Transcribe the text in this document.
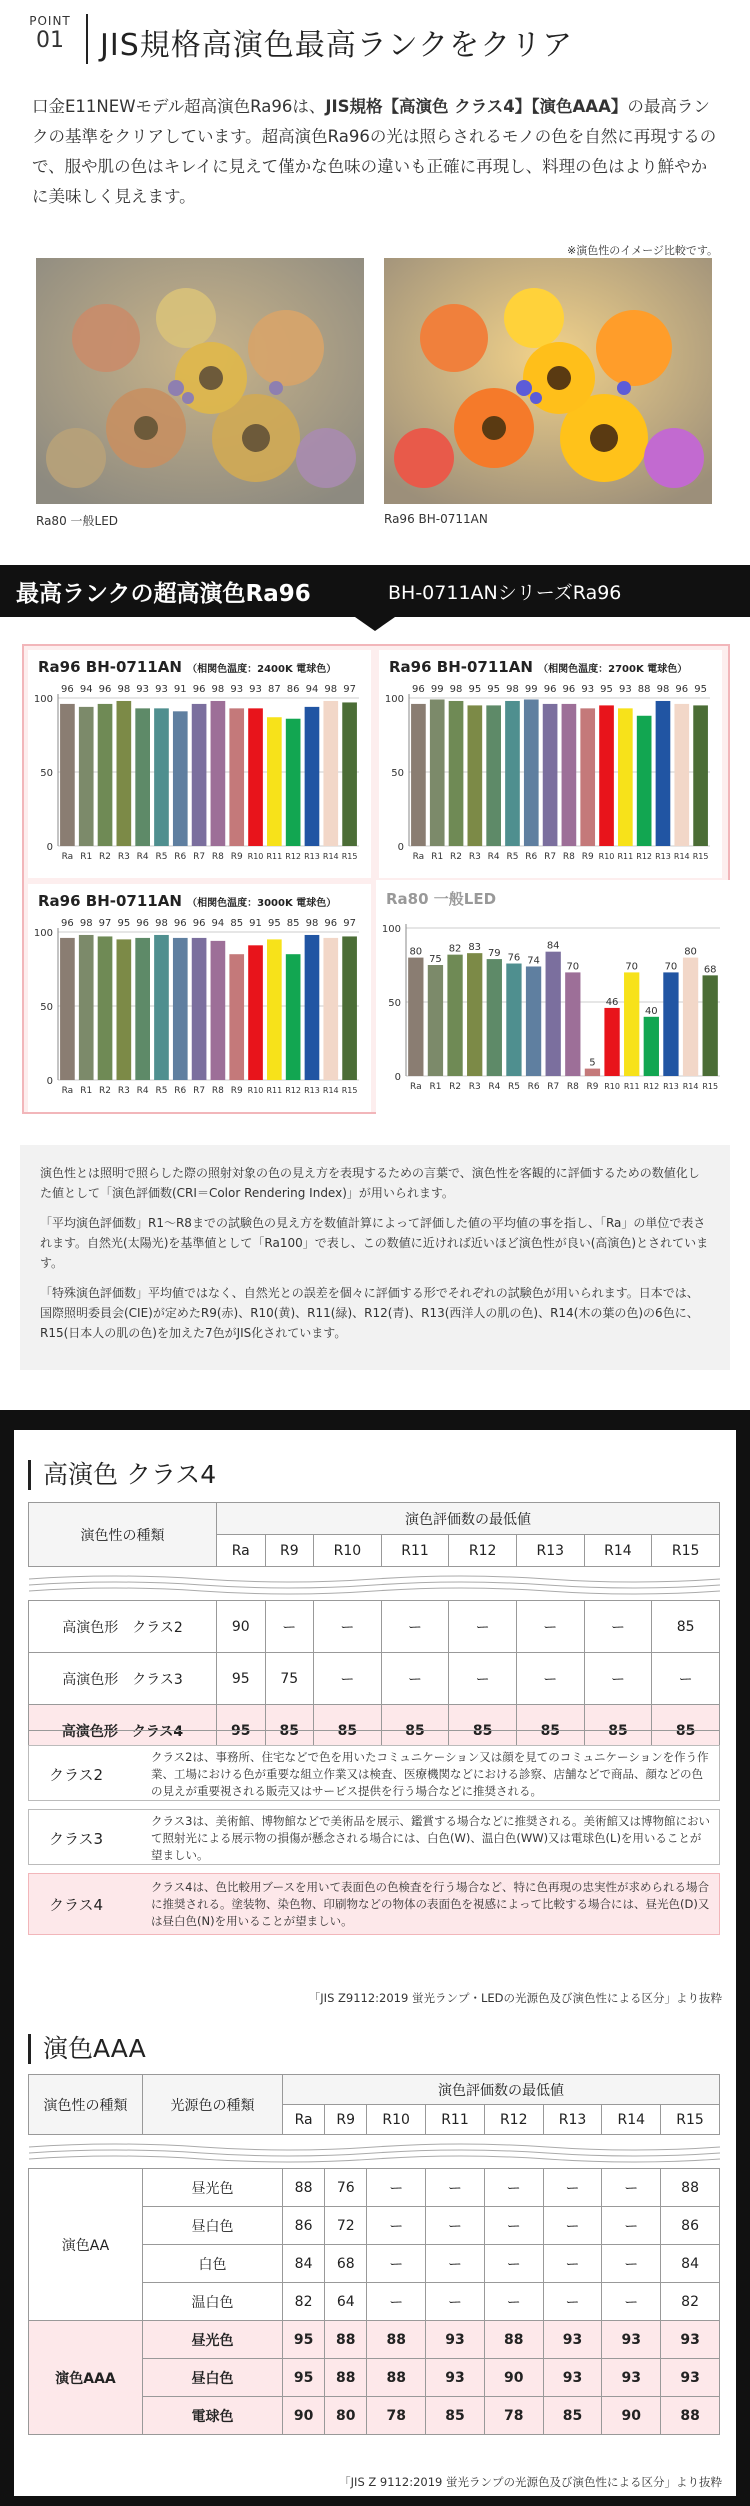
POINT
01	JIS規格高演色最高ランクをクリア

口金E11NEWモデル超高演色Ra96は、JIS規格【高演色 クラス4】【演色AAA】の最高ランクの基準をクリアしています。超高演色Ra96の光は照らされるモノの色を自然に再現するので、服や肌の色はキレイに見えて僅かな色味の違いも正確に再現し、料理の色はより鮮やかに美味しく見えます。

※演色性のイメージ比較です。
Ra80 一般LED	Ra96 BH-0711AN
最高ランクの超高演色Ra96	BH-0711ANシリーズRa96
Ra96 BH-0711AN （相関色温度：2400K 電球色）
0
50
100
96
Ra
94
R1
96
R2
98
R3
93
R4
93
R5
91
R6
96
R7
98
R8
93
R9
93
R10
87
R11
86
R12
94
R13
98
R14
97
R15
Ra96 BH-0711AN （相関色温度：2700K 電球色）
0
50
100
96
Ra
99
R1
98
R2
95
R3
95
R4
98
R5
99
R6
96
R7
96
R8
93
R9
95
R10
93
R11
88
R12
98
R13
96
R14
95
R15
Ra96 BH-0711AN （相関色温度：3000K 電球色）
0
50
100
96
Ra
98
R1
97
R2
95
R3
96
R4
98
R5
96
R6
96
R7
94
R8
85
R9
91
R10
95
R11
85
R12
98
R13
96
R14
97
R15
Ra80 一般LED
0
50
100
80
Ra
75
R1
82
R2
83
R3
79
R4
76
R5
74
R6
84
R7
70
R8
5
R9
46
R10
70
R11
40
R12
70
R13
80
R14
68
R15

演色性とは照明で照らした際の照射対象の色の見え方を表現するための言葉で、演色性を客観的に評価するための数値化した値として「演色評価数(CRI＝Color Rendering Index)」が用いられます。

「平均演色評価数」R1～R8までの試験色の見え方を数値計算によって評価した値の平均値の事を指し、「Ra」の単位で表されます。自然光(太陽光)を基準値として「Ra100」で表し、この数値に近ければ近いほど演色性が良い(高演色)とされています。

「特殊演色評価数」平均値ではなく、自然光との誤差を個々に評価する形でそれぞれの試験色が用いられます。日本では、国際照明委員会(CIE)が定めたR9(赤)、R10(黄)、R11(緑)、R12(青)、R13(西洋人の肌の色)、R14(木の葉の色)の6色に、R15(日本人の肌の色)を加えた7色がJIS化されています。

高演色 クラス4
演色性の種類	演色評価数の最低値							
	Ra	R9	R10	R11	R12	R13	R14	R15

高演色形　クラス2	90	ー	ー	ー	ー	ー	ー	85
高演色形　クラス3	95	75	ー	ー	ー	ー	ー	ー
高演色形　クラス4	95	85	85	85	85	85	85	85
クラス2
クラス2は、事務所、住宅などで色を用いたコミュニケーション又は顔を見てのコミュニケーションを作う作業、工場における色が重要な組立作業又は検査、医療機関などにおける診察、店舗などで商品、顔などの色の見えが重要視される販売又はサービス提供を行う場合などに推奨される。
クラス3
クラス3は、美術館、博物館などで美術品を展示、鑑賞する場合などに推奨される。美術館又は博物館において照射光による展示物の損傷が懸念される場合には、白色(W)、温白色(WW)又は電球色(L)を用いることが望ましい。
クラス4
クラス4は、色比較用ブースを用いて表面色の色検査を行う場合など、特に色再現の忠実性が求められる場合に推奨される。塗装物、染色物、印刷物などの物体の表面色を視感によって比較する場合には、昼光色(D)又は昼白色(N)を用いることが望ましい。
「JIS Z9112:2019 蛍光ランプ・LEDの光源色及び演色性による区分」より抜粋
演色AAA
演色性の種類	光源色の種類	演色評価数の最低値							
		Ra	R9	R10	R11	R12	R13	R14	R15

演色AA	昼光色	88	76	ー	ー	ー	ー	ー	88
	昼白色	86	72	ー	ー	ー	ー	ー	86
	白色	84	68	ー	ー	ー	ー	ー	84
	温白色	82	64	ー	ー	ー	ー	ー	82
演色AAA	昼光色	95	88	88	93	88	93	93	93
	昼白色	95	88	88	93	90	93	93	93
	電球色	90	80	78	85	78	85	90	88
「JIS Z 9112:2019 蛍光ランプの光源色及び演色性による区分」より抜粋
